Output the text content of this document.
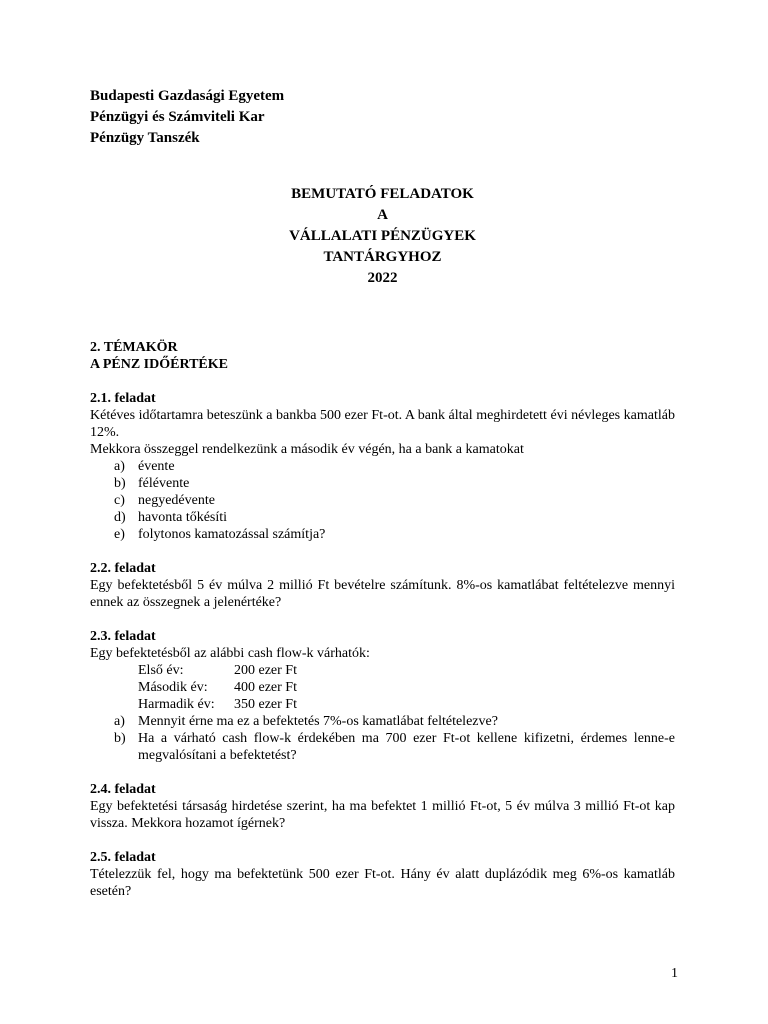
Budapesti Gazdasági Egyetem
Pénzügyi és Számviteli Kar
Pénzügy Tanszék
BEMUTATÓ FELADATOK
A
VÁLLALATI PÉNZÜGYEK
TANTÁRGYHOZ
2022
2. TÉMAKÖR
A PÉNZ IDŐÉRTÉKE
2.1. feladat
Kétéves időtartamra beteszünk a bankba 500 ezer Ft-ot. A bank által meghirdetett évi névleges kamatláb 12%.
Mekkora összeggel rendelkezünk a második év végén, ha a bank a kamatokat
a) évente
b) félévente
c) negyedévente
d) havonta tőkésíti
e) folytonos kamatozással számítja?
2.2. feladat
Egy befektetésből 5 év múlva 2 millió Ft bevételre számítunk. 8%-os kamatlábat feltételezve mennyi ennek az összegnek a jelenértéke?
2.3. feladat
Egy befektetésből az alábbi cash flow-k várhatók:
Első év:	200 ezer Ft
Második év:	400 ezer Ft
Harmadik év:	350 ezer Ft
a) Mennyit érne ma ez a befektetés 7%-os kamatlábat feltételezve?
b) Ha a várható cash flow-k érdekében ma 700 ezer Ft-ot kellene kifizetni, érdemes lenne-e megvalósítani a befektetést?
2.4. feladat
Egy befektetési társaság hirdetése szerint, ha ma befektet 1 millió Ft-ot, 5 év múlva 3 millió Ft-ot kap vissza. Mekkora hozamot ígérnek?
2.5. feladat
Tételezzük fel, hogy ma befektetünk 500 ezer Ft-ot. Hány év alatt duplázódik meg 6%-os kamatláb esetén?
1
